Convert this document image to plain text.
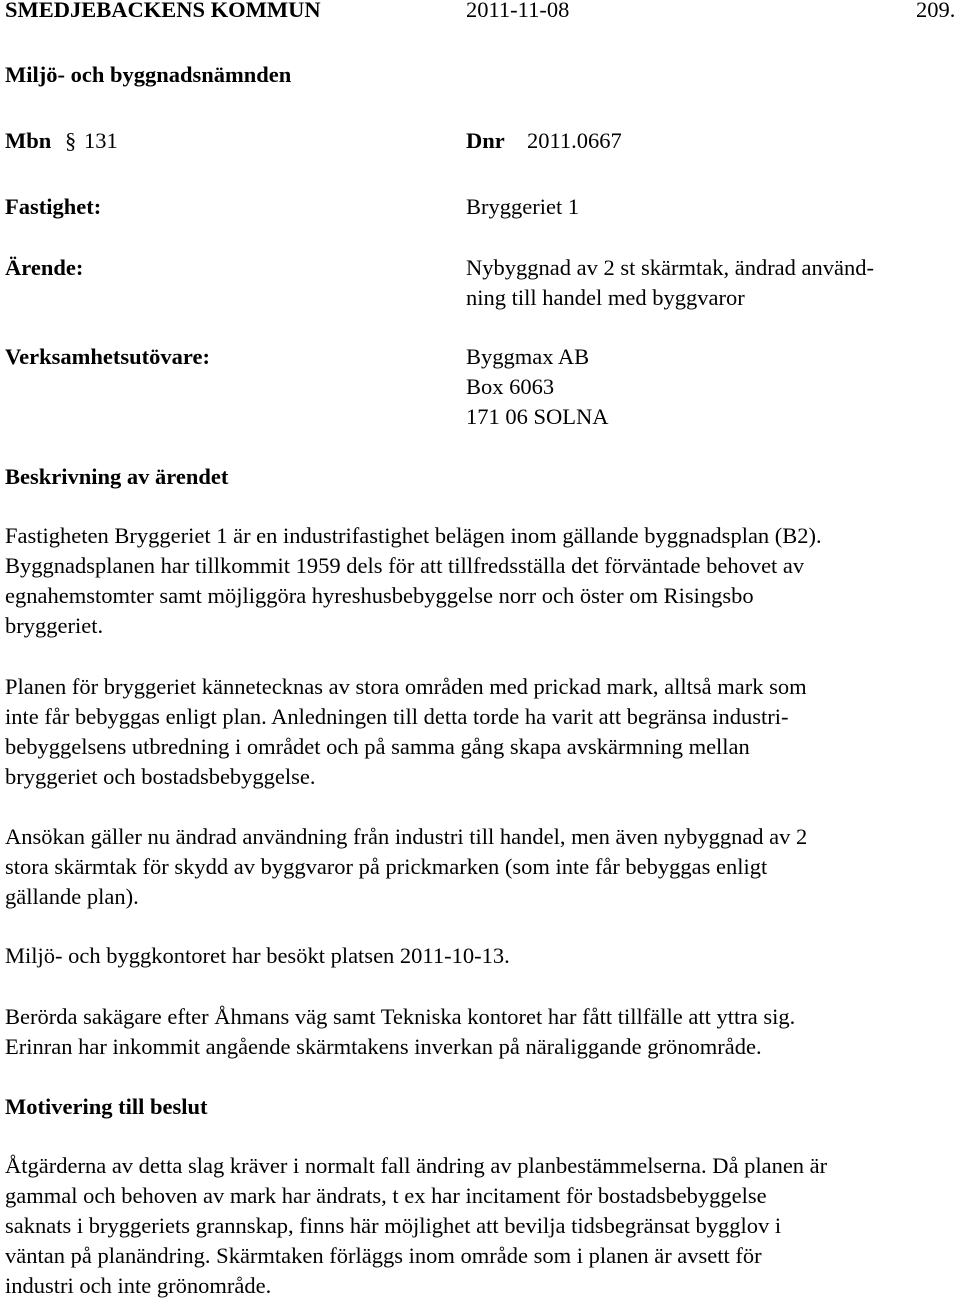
SMEDJEBACKENS KOMMUN	2011-11-08	209.
Miljö- och byggnadsnämnden
Mbn § 131	Dnr 2011.0667
Fastighet:	Bryggeriet 1
Ärende:	Nybyggnad av 2 st skärmtak, ändrad använd-
ning till handel med byggvaror
Verksamhetsutövare:	Byggmax AB
Box 6063
171 06 SOLNA
Beskrivning av ärendet
Fastigheten Bryggeriet 1 är en industrifastighet belägen inom gällande byggnadsplan (B2).
Byggnadsplanen har tillkommit 1959 dels för att tillfredsställa det förväntade behovet av
egnahemstomter samt möjliggöra hyreshusbebyggelse norr och öster om Risingsbo
bryggeriet.
Planen för bryggeriet kännetecknas av stora områden med prickad mark, alltså mark som
inte får bebyggas enligt plan. Anledningen till detta torde ha varit att begränsa industri-
bebyggelsens utbredning i området och på samma gång skapa avskärmning mellan
bryggeriet och bostadsbebyggelse.
Ansökan gäller nu ändrad användning från industri till handel, men även nybyggnad av 2
stora skärmtak för skydd av byggvaror på prickmarken (som inte får bebyggas enligt
gällande plan).
Miljö- och byggkontoret har besökt platsen 2011-10-13.
Berörda sakägare efter Åhmans väg samt Tekniska kontoret har fått tillfälle att yttra sig.
Erinran har inkommit angående skärmtakens inverkan på näraliggande grönområde.
Motivering till beslut
Åtgärderna av detta slag kräver i normalt fall ändring av planbestämmelserna. Då planen är
gammal och behoven av mark har ändrats, t ex har incitament för bostadsbebyggelse
saknats i bryggeriets grannskap, finns här möjlighet att bevilja tidsbegränsat bygglov i
väntan på planändring. Skärmtaken förläggs inom område som i planen är avsett för
industri och inte grönområde.
